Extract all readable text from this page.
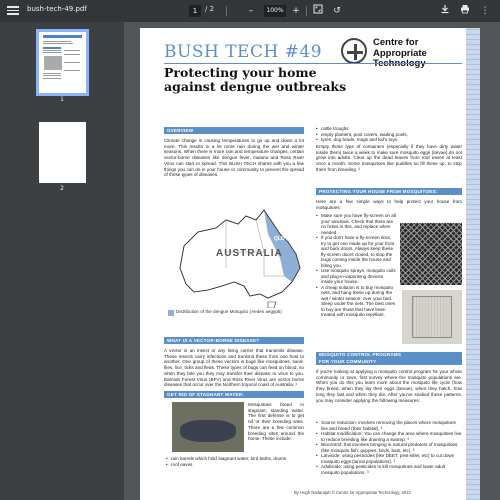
bush-tech-49.pdf	1	/ 2	–	100% +	↺	⋮
1
2
BUSH TECH #49	Centre for
Appropriate
Protecting your home
against dengue outbreaks
OVERVIEW
Climate change is causing temperatures to go up and down a lot more. This results in a lot more rain during the wet and winter seasons. When there is more rain and temperature changes, certain vector-borne diseases like dengue fever, malaria and Ross River Virus can start to spread. This BUSH TECH shares with you a few things you can do in your house or community to prevent the spread of these types of diseases.
AUSTRALIA
QLD
Distribution of the dengue Mosquito (Aedes aegypti)
WHAT IS A VECTOR-BORNE DISEASE?
A vector is an insect or any living carrier that transmits disease. These insects carry infections and transmit these from one host to another. One group of these vectors is bugs like mosquitoes, sand-flies, lice, ticks and fleas. These types of bugs can feed on blood, so when they bite you they may transfer their disease or virus to you. Barmah Forest Virus (BFV) and Ross River Virus are vector borne diseases that occur over the Northern tropical coast of Australia. ¹
GET RID OF STAGNANT WATER:
Mosquitoes breed in stagnant, standing water. The first defense is to get rid of their breeding sites. There are a few common breeding sites around the home. These include:
• rain barrels which hold stagnant water, bird baths, drums
• roof eaves
• cattle troughs
• empty planters, pool covers, wading pools,
• tyres, dog bowls, mugs and kid's toys.
Empty those type of containers (especially if they have dirty water inside them) twice a week to make sure mosquito eggs (larvae) do not grow into adults. Clear up the dead leaves from roof eaves at least once a month. Some mosquitoes like puddles so fill these up, to stop them from breeding. ²
PROTECTING YOUR HOUSE FROM MOSQUITOES:
Here are a few simple ways to help protect your house from mosquitoes:
• Make sure you have fly-screen on all your windows. Check that there are no holes in this, and replace when needed.
• If you don't have a fly-screen door, try to get one made up for your front and back doors. Always keep these fly-screen doors closed, to stop the bugs coming inside the house and biting you.
• Use mosquito sprays, mosquito coils and plug-in-vaporising devices inside your house.
• A cheap solution is to buy mosquito nets, and hang these up during the wet / winter season, over your bed. Sleep under the nets. The best ones to buy are those that have been treated with mosquito repellant.
MOSQUITO CONTROL PROGRAMS
FOR YOUR COMMUNITY
If you're looking at applying a mosquito control program for your whole community or town, first survey where the mosquito populations are. When you do this you learn more about the mosquito life cycle (how they breed, when they lay their eggs (larvae), when they hatch, how long they last and when they die. After you've studied these patterns, you may consider applying the following measures:
• Source reduction: involves removing the places where mosquitoes live and breed (their habitat). ³
• Habitat modification: You can change the area where mosquitoes live to reduce breeding like draining a swamp. ³
• Biocontrol: this involves bringing in natural predators of mosquitoes (like mosquito fish, guppies, birds, bats, etc). ³
• Larvicide: using pesticides (like DEET, pest-killer, etc) to cut down mosquito eggs (larval populations). ³
• Adulticide: using pesticides to kill mosquitoes and lower adult mosquito populations. ³
By Hugh Nadarajah © Centre for Appropriate Technology, 2013
